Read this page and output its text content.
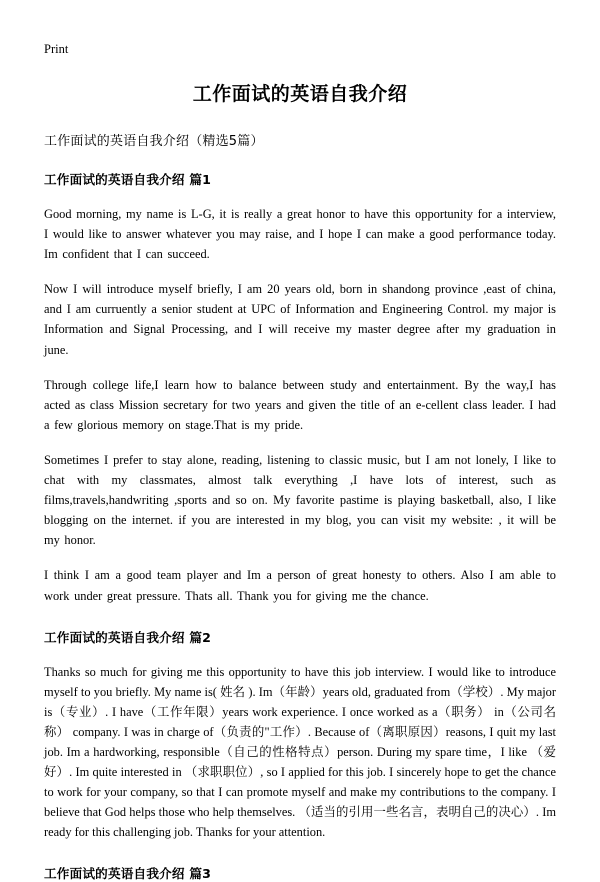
Print
工作面试的英语自我介绍
工作面试的英语自我介绍（精选5篇）
工作面试的英语自我介绍 篇1

Good morning, my name is L-G, it is really a great honor to have this opportunity for a interview, I would like to answer whatever you may raise, and I hope I can make a good performance today. Im confident that I can succeed.

Now I will introduce myself briefly, I am 20 years old, born in shandong province ,east of china, and I am curruently a senior student at UPC of Information and Engineering Control. my major is Information and Signal Processing, and I will receive my master degree after my graduation in june.

Through college life,I learn how to balance between study and entertainment. By the way,I has acted as class Mission secretary for two years and given the title of an e-cellent class leader. I had a few glorious memory on stage.That is my pride.

Sometimes I prefer to stay alone, reading, listening to classic music, but I am not lonely, I like to chat with my classmates, almost talk everything ,I have lots of interest, such as films,travels,handwriting ,sports and so on. My favorite pastime is playing basketball, also, I like blogging on the internet. if you are interested in my blog, you can visit my website: , it will be my honor.

I think I am a good team player and Im a person of great honesty to others. Also I am able to work under great pressure. Thats all. Thank you for giving me the chance.

工作面试的英语自我介绍 篇2

Thanks so much for giving me this opportunity to have this job interview. I would like to introduce myself to you briefly. My name is( 姓名 ). Im（年龄）years old, graduated from（学校）. My major is（专业）. I have（工作年限）years work experience. I once worked as a（职务） in（公司名称） company. I was in charge of（负责的"工作）. Because of（离职原因）reasons, I quit my last job. Im a hardworking, responsible（自己的性格特点）person. During my spare time，I like （爱好）. Im quite interested in （求职职位）, so I applied for this job. I sincerely hope to get the chance to work for your company, so that I can promote myself and make my contributions to the company. I believe that God helps those who help themselves. （适当的引用一些名言，表明自己的决心）. Im ready for this challenging job. Thanks for your attention.

工作面试的英语自我介绍 篇3
